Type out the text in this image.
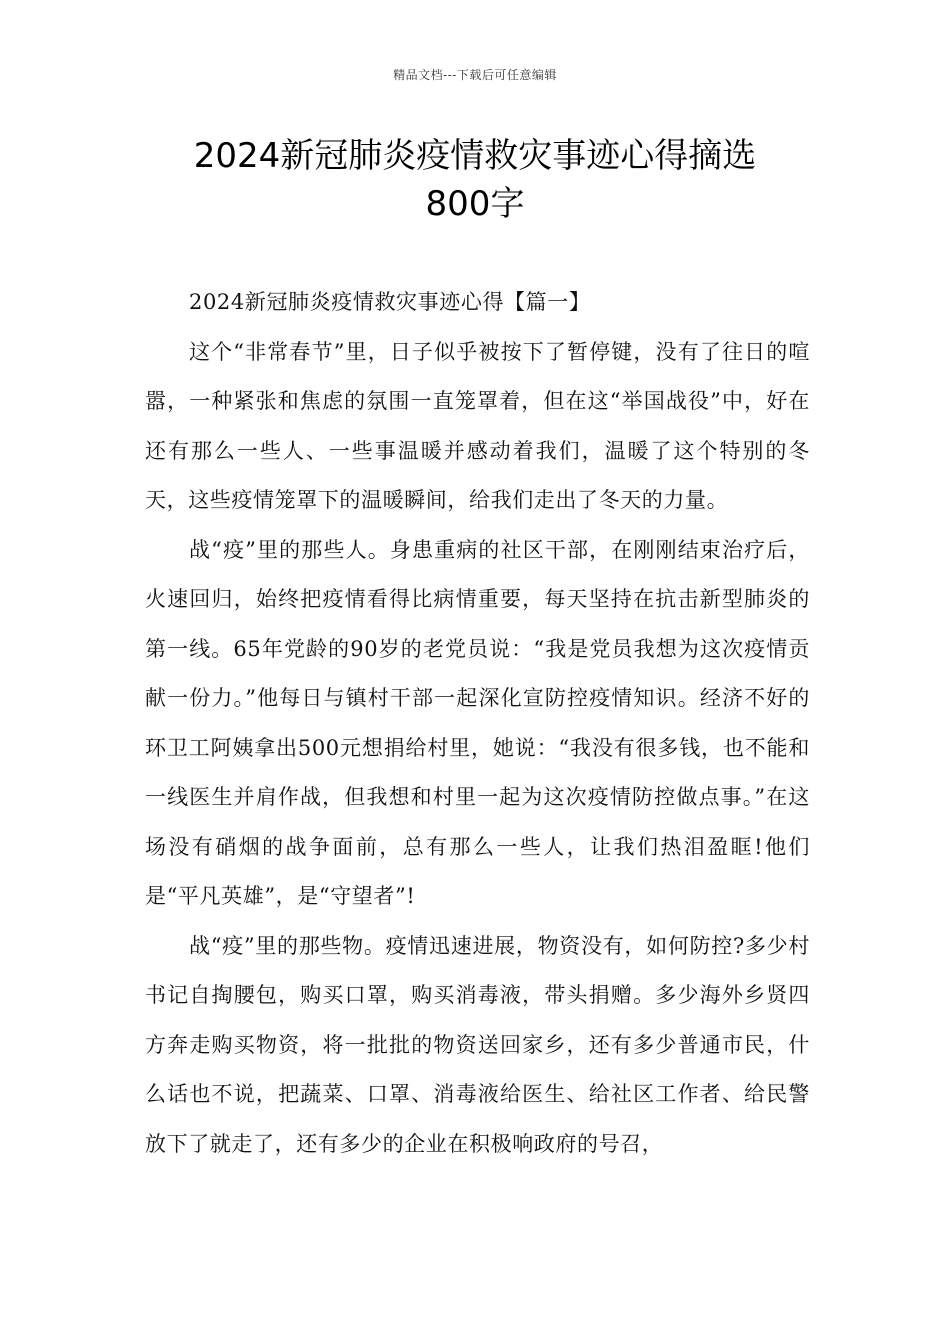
精品文档---下载后可任意编辑
2024新冠肺炎疫情救灾事迹心得摘选
800字

2024新冠肺炎疫情救灾事迹心得【篇一】

这个“非常春节”里，日子似乎被按下了暂停键，没有了往日的喧嚣，一种紧张和焦虑的氛围一直笼罩着，但在这“举国战役”中，好在还有那么一些人、一些事温暖并感动着我们，温暖了这个特别的冬天，这些疫情笼罩下的温暖瞬间，给我们走出了冬天的力量。

战“疫”里的那些人。身患重病的社区干部，在刚刚结束治疗后，火速回归，始终把疫情看得比病情重要，每天坚持在抗击新型肺炎的第一线。65年党龄的90岁的老党员说：“我是党员我想为这次疫情贡献一份力。”他每日与镇村干部一起深化宣防控疫情知识。经济不好的环卫工阿姨拿出500元想捐给村里，她说：“我没有很多钱，也不能和一线医生并肩作战，但我想和村里一起为这次疫情防控做点事。”在这场没有硝烟的战争面前，总有那么一些人，让我们热泪盈眶!他们是“平凡英雄”，是“守望者”!

战“疫”里的那些物。疫情迅速进展，物资没有，如何防控?多少村书记自掏腰包，购买口罩，购买消毒液，带头捐赠。多少海外乡贤四方奔走购买物资，将一批批的物资送回家乡，还有多少普通市民，什么话也不说，把蔬菜、口罩、消毒液给医生、给社区工作者、给民警放下了就走了，还有多少的企业在积极响政府的号召，
